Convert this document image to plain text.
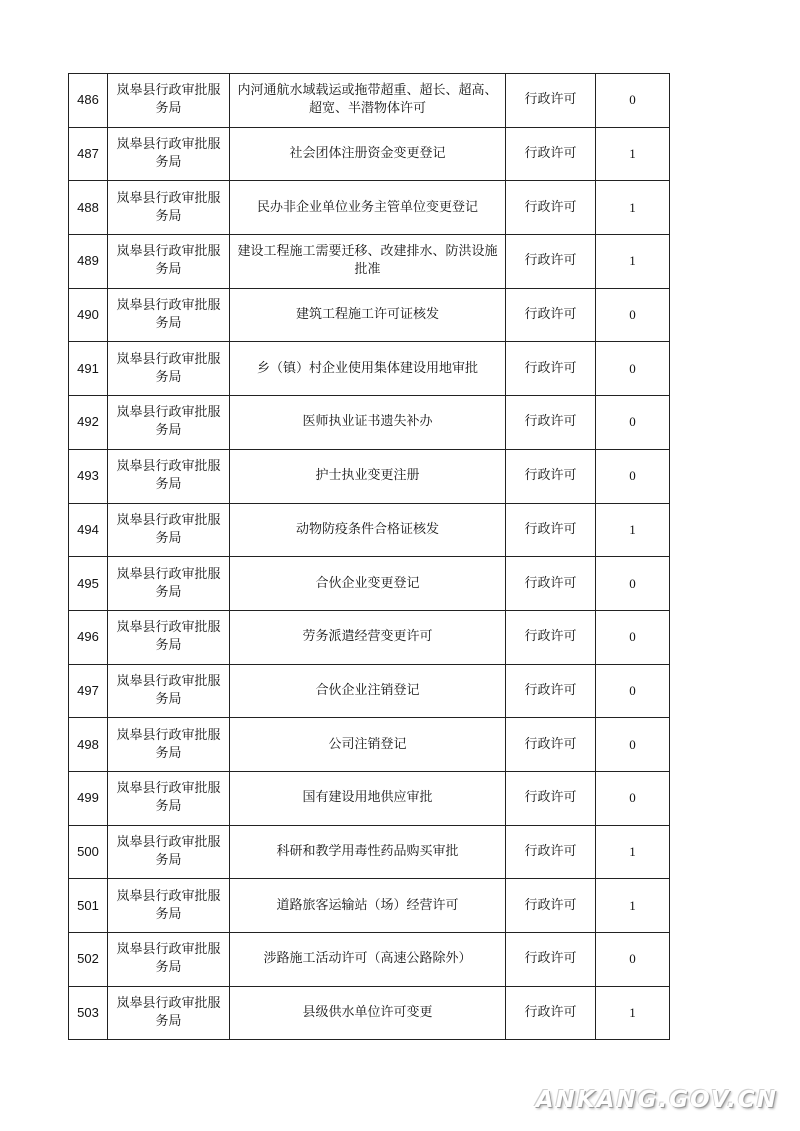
486	岚皋县行政审批服务局	内河通航水域载运或拖带超重、超长、超高、超宽、半潜物体许可	行政许可	0
487	岚皋县行政审批服务局	社会团体注册资金变更登记	行政许可	1
488	岚皋县行政审批服务局	民办非企业单位业务主管单位变更登记	行政许可	1
489	岚皋县行政审批服务局	建设工程施工需要迁移、改建排水、防洪设施批准	行政许可	1
490	岚皋县行政审批服务局	建筑工程施工许可证核发	行政许可	0
491	岚皋县行政审批服务局	乡（镇）村企业使用集体建设用地审批	行政许可	0
492	岚皋县行政审批服务局	医师执业证书遗失补办	行政许可	0
493	岚皋县行政审批服务局	护士执业变更注册	行政许可	0
494	岚皋县行政审批服务局	动物防疫条件合格证核发	行政许可	1
495	岚皋县行政审批服务局	合伙企业变更登记	行政许可	0
496	岚皋县行政审批服务局	劳务派遣经营变更许可	行政许可	0
497	岚皋县行政审批服务局	合伙企业注销登记	行政许可	0
498	岚皋县行政审批服务局	公司注销登记	行政许可	0
499	岚皋县行政审批服务局	国有建设用地供应审批	行政许可	0
500	岚皋县行政审批服务局	科研和教学用毒性药品购买审批	行政许可	1
501	岚皋县行政审批服务局	道路旅客运输站（场）经营许可	行政许可	1
502	岚皋县行政审批服务局	涉路施工活动许可（高速公路除外）	行政许可	0
503	岚皋县行政审批服务局	县级供水单位许可变更	行政许可	1
ANKANG.GOV.CN
